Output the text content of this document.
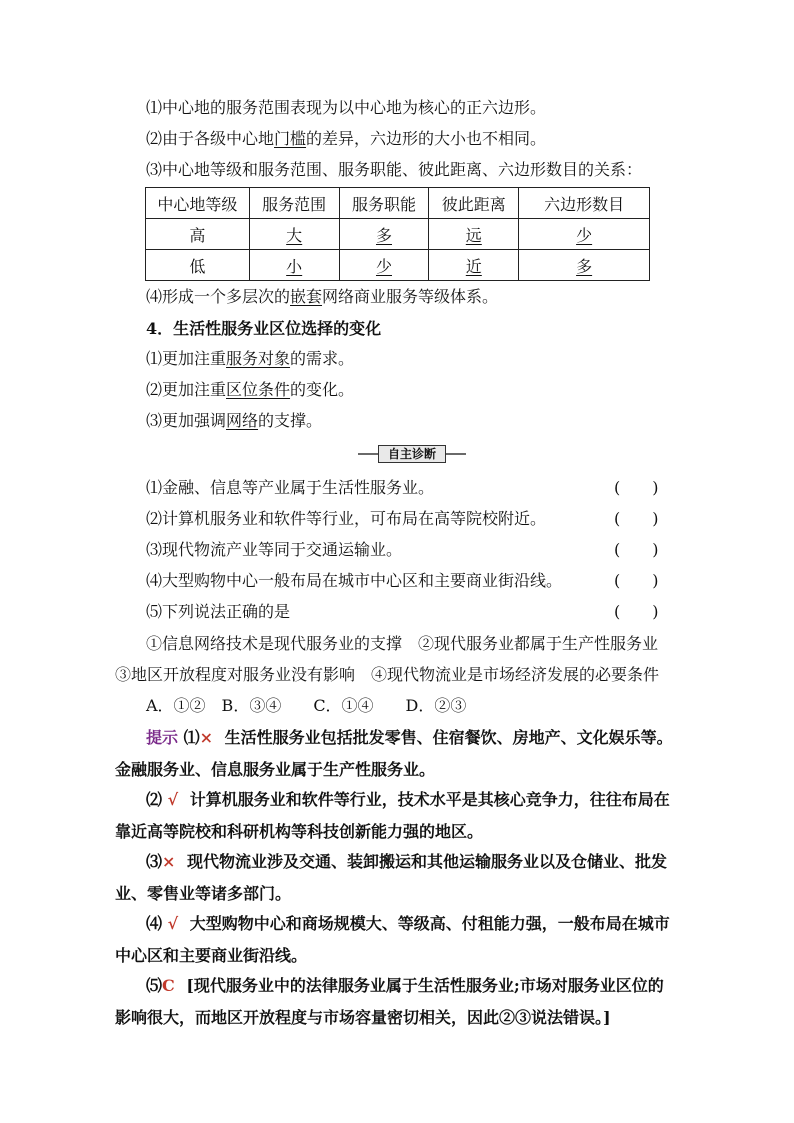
⑴中心地的服务范围表现为以中心地为核心的正六边形。
⑵由于各级中心地门槛的差异，六边形的大小也不相同。
⑶中心地等级和服务范围、服务职能、彼此距离、六边形数目的关系：
中心地等级	服务范围	服务职能	彼此距离	六边形数目
高	大	多	远	少
低	小	少	近	多
⑷形成一个多层次的嵌套网络商业服务等级体系。
4．生活性服务业区位选择的变化
⑴更加注重服务对象的需求。
⑵更加注重区位条件的变化。
⑶更加强调网络的支撑。
自主诊断
⑴金融、信息等产业属于生活性服务业。	(　　)
⑵计算机服务业和软件等行业，可布局在高等院校附近。	(　　)
⑶现代物流产业等同于交通运输业。	(　　)
⑷大型购物中心一般布局在城市中心区和主要商业街沿线。	(　　)
⑸下列说法正确的是	(　　)
①信息网络技术是现代服务业的支撑　②现代服务业都属于生产性服务业
③地区开放程度对服务业没有影响　④现代物流业是市场经济发展的必要条件
A．①②　B．③④　　C．①④　　D．②③
提示 ⑴× 生活性服务业包括批发零售、住宿餐饮、房地产、文化娱乐等。
金融服务业、信息服务业属于生产性服务业。
⑵ √ 计算机服务业和软件等行业，技术水平是其核心竞争力，往往布局在
靠近高等院校和科研机构等科技创新能力强的地区。
⑶× 现代物流业涉及交通、装卸搬运和其他运输服务业以及仓储业、批发
业、零售业等诸多部门。
⑷ √ 大型购物中心和商场规模大、等级高、付租能力强，一般布局在城市
中心区和主要商业街沿线。
⑸C [现代服务业中的法律服务业属于生活性服务业;市场对服务业区位的
影响很大，而地区开放程度与市场容量密切相关，因此②③说法错误。]
